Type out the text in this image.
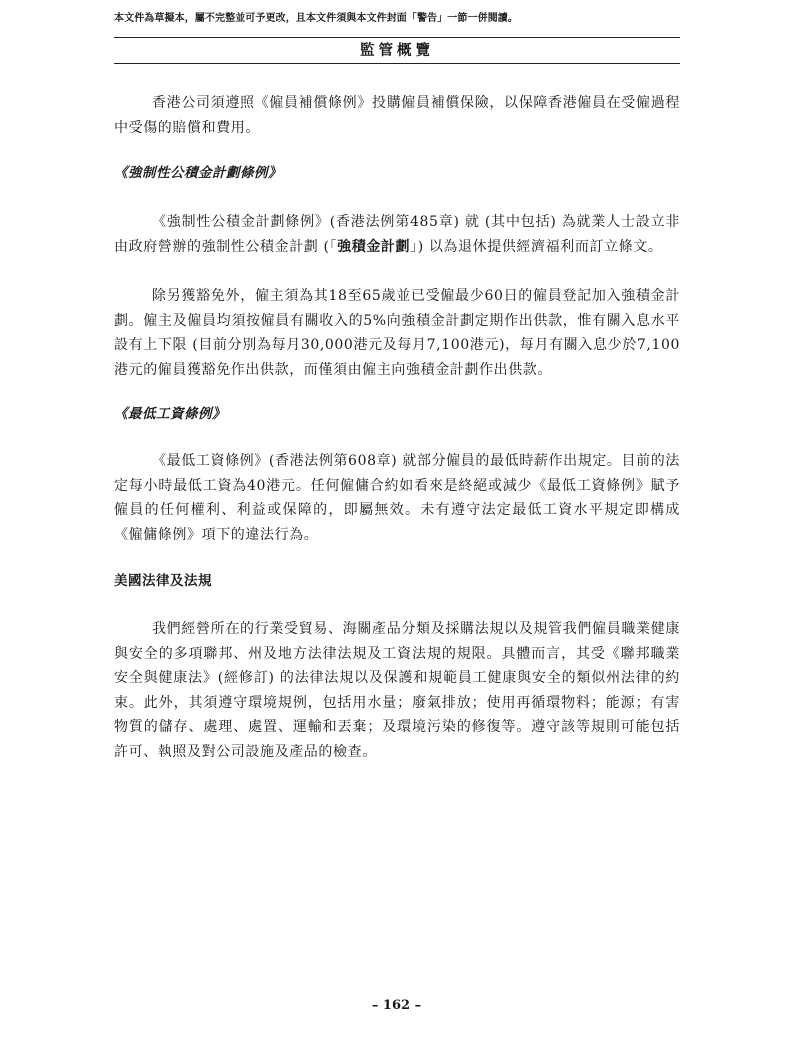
本文件為草擬本，屬不完整並可予更改，且本文件須與本文件封面「警告」一節一併閱讀。
監管概覽

香港公司須遵照《僱員補償條例》投購僱員補償保險，以保障香港僱員在受僱過程中受傷的賠償和費用。

《強制性公積金計劃條例》

《強制性公積金計劃條例》(香港法例第485章) 就 (其中包括) 為就業人士設立非由政府營辦的強制性公積金計劃 (「強積金計劃」) 以為退休提供經濟福利而訂立條文。

除另獲豁免外，僱主須為其18至65歲並已受僱最少60日的僱員登記加入強積金計劃。僱主及僱員均須按僱員有關收入的5%向強積金計劃定期作出供款，惟有關入息水平設有上下限 (目前分別為每月30,000港元及每月7,100港元)，每月有關入息少於7,100港元的僱員獲豁免作出供款，而僅須由僱主向強積金計劃作出供款。

《最低工資條例》

《最低工資條例》(香港法例第608章) 就部分僱員的最低時薪作出規定。目前的法定每小時最低工資為40港元。任何僱傭合約如看來是終絕或減少《最低工資條例》賦予僱員的任何權利、利益或保障的，即屬無效。未有遵守法定最低工資水平規定即構成《僱傭條例》項下的違法行為。

美國法律及法規

我們經營所在的行業受貿易、海關產品分類及採購法規以及規管我們僱員職業健康與安全的多項聯邦、州及地方法律法規及工資法規的規限。具體而言，其受《聯邦職業安全與健康法》(經修訂) 的法律法規以及保護和規範員工健康與安全的類似州法律的約束。此外，其須遵守環境規例，包括用水量；廢氣排放；使用再循環物料；能源；有害物質的儲存、處理、處置、運輸和丟棄；及環境污染的修復等。遵守該等規則可能包括許可、執照及對公司設施及產品的檢查。

– 162 –
